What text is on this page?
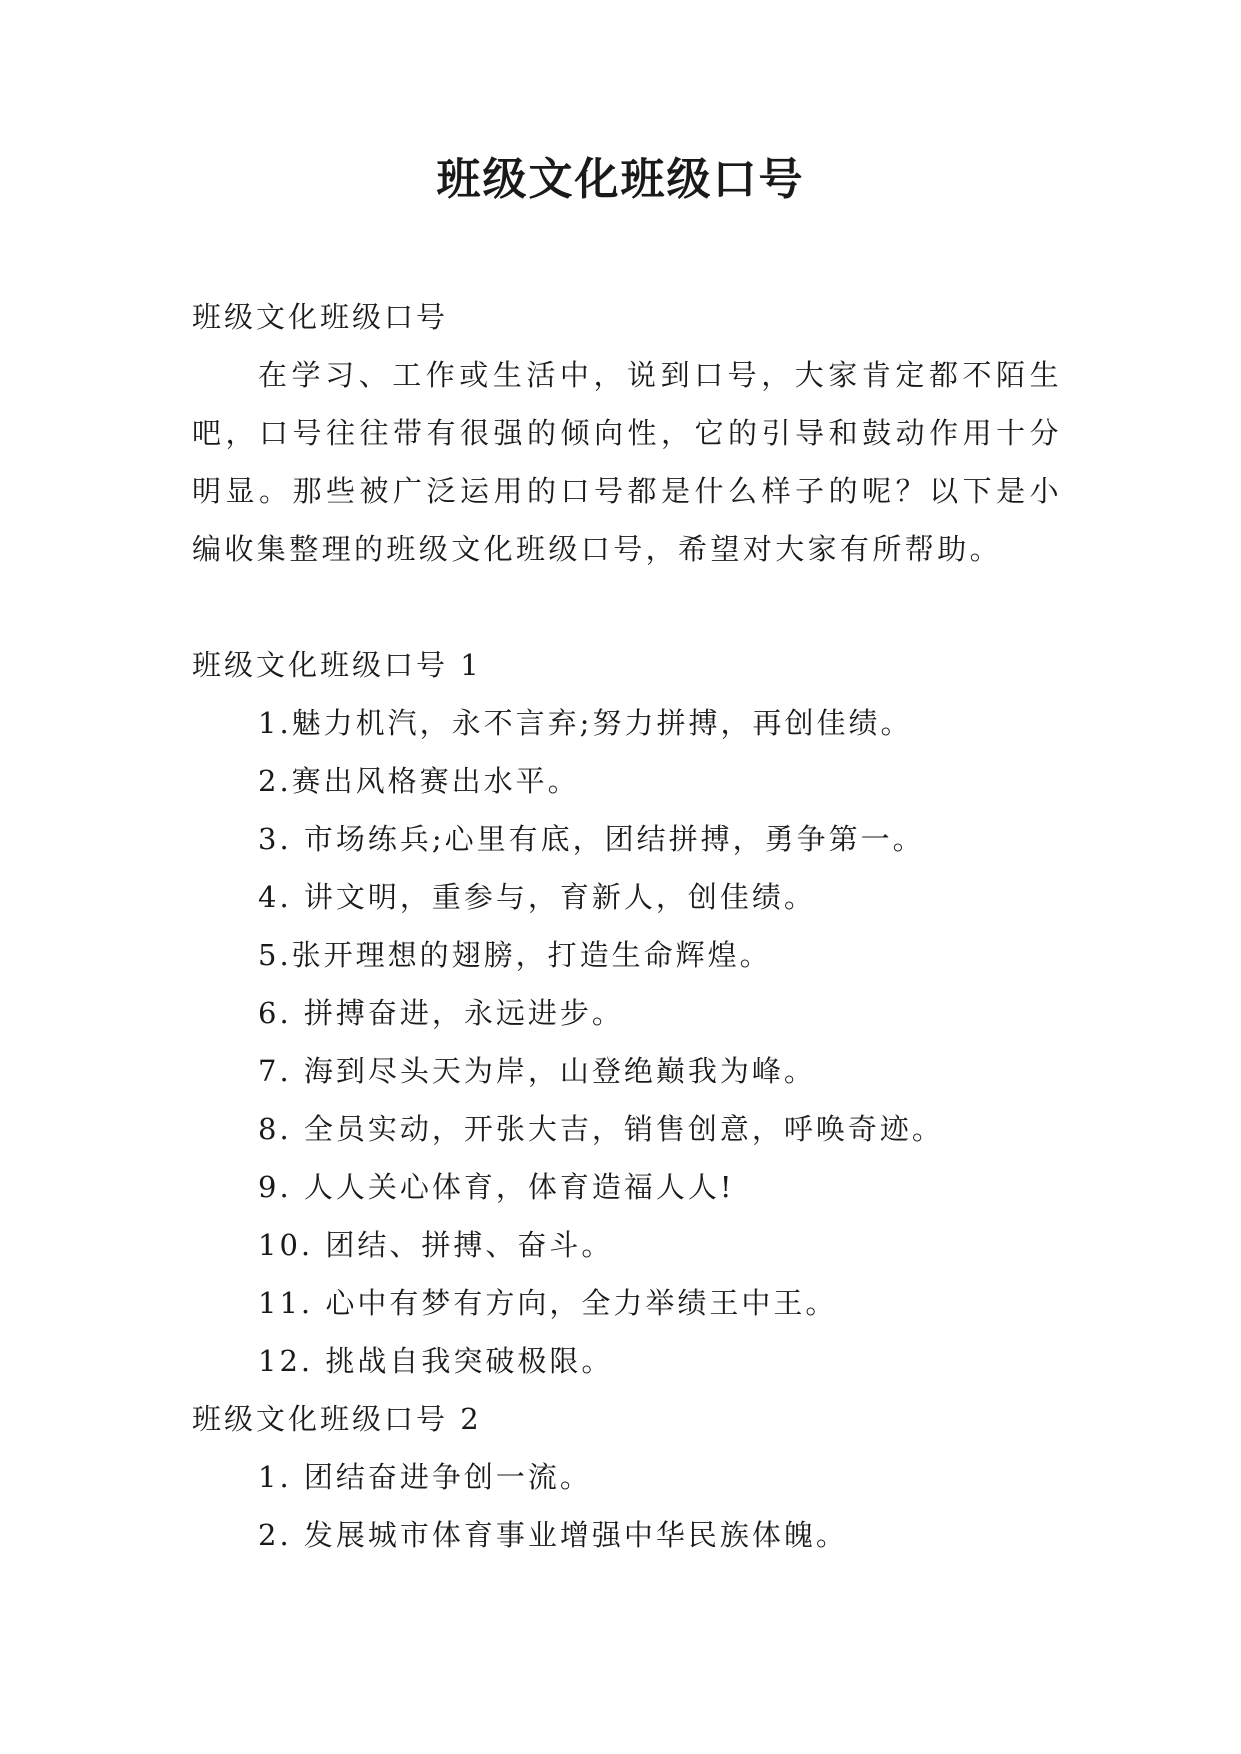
班级文化班级口号
班级文化班级口号
在学习、工作或生活中，说到口号，大家肯定都不陌生吧，口号往往带有很强的倾向性，它的引导和鼓动作用十分明显。那些被广泛运用的口号都是什么样子的呢？以下是小编收集整理的班级文化班级口号，希望对大家有所帮助。
班级文化班级口号 1
1.魅力机汽，永不言弃;努力拼搏，再创佳绩。
2.赛出风格赛出水平。
3. 市场练兵;心里有底，团结拼搏，勇争第一。
4. 讲文明，重参与，育新人，创佳绩。
5.张开理想的翅膀，打造生命辉煌。
6. 拼搏奋进，永远进步。
7. 海到尽头天为岸，山登绝巅我为峰。
8. 全员实动，开张大吉，销售创意，呼唤奇迹。
9. 人人关心体育，体育造福人人!
10. 团结、拼搏、奋斗。
11. 心中有梦有方向，全力举绩王中王。
12. 挑战自我突破极限。
班级文化班级口号 2
1. 团结奋进争创一流。
2. 发展城市体育事业增强中华民族体魄。
